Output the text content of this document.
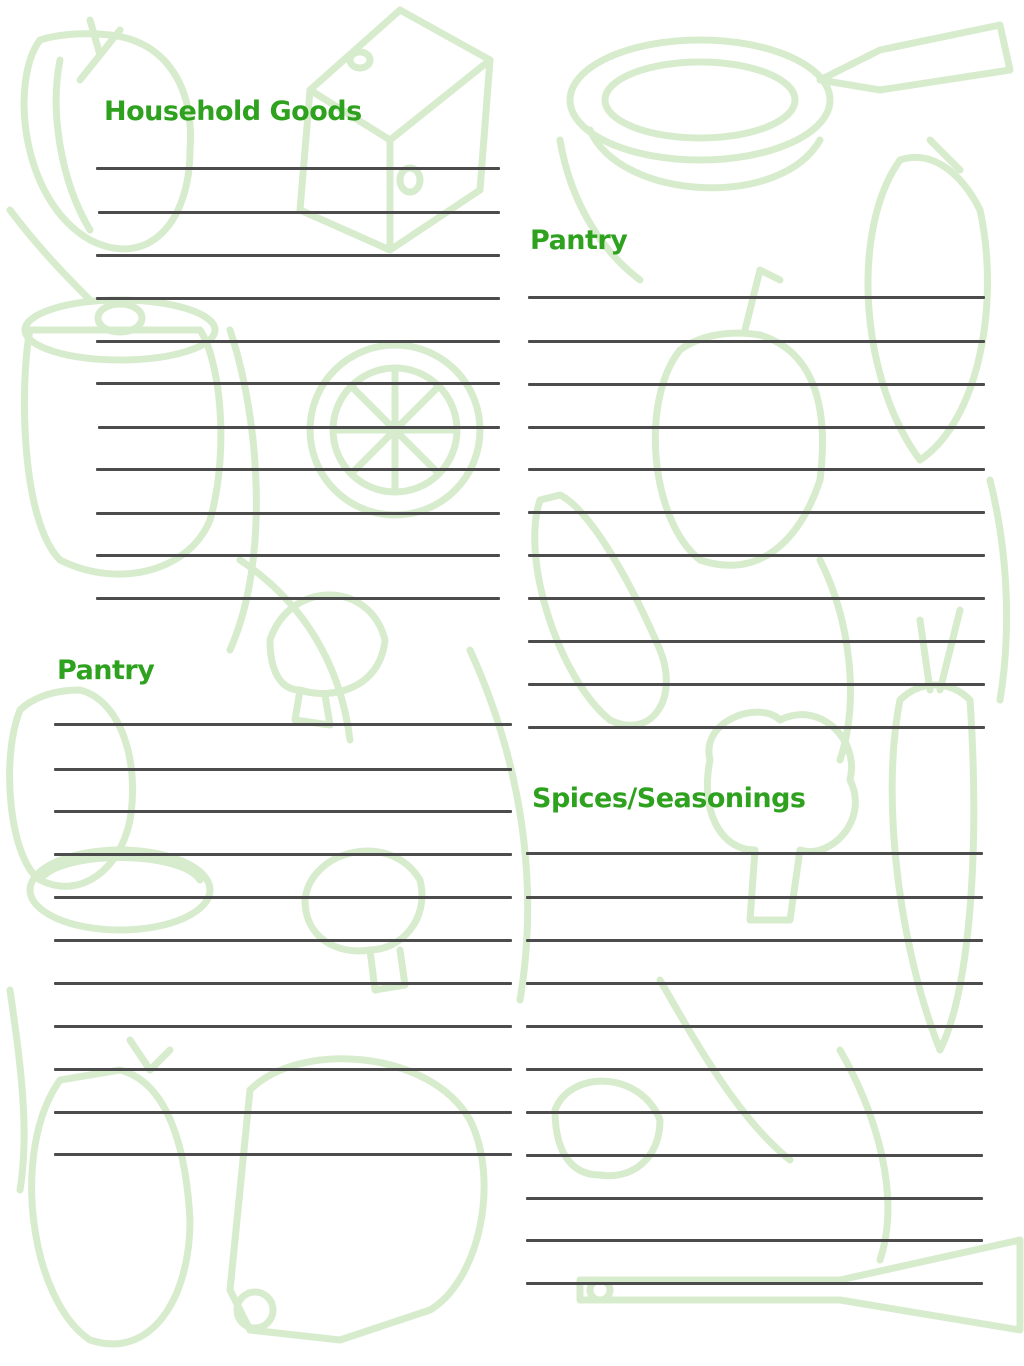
Household Goods
Pantry
Pantry
Spices/Seasonings
